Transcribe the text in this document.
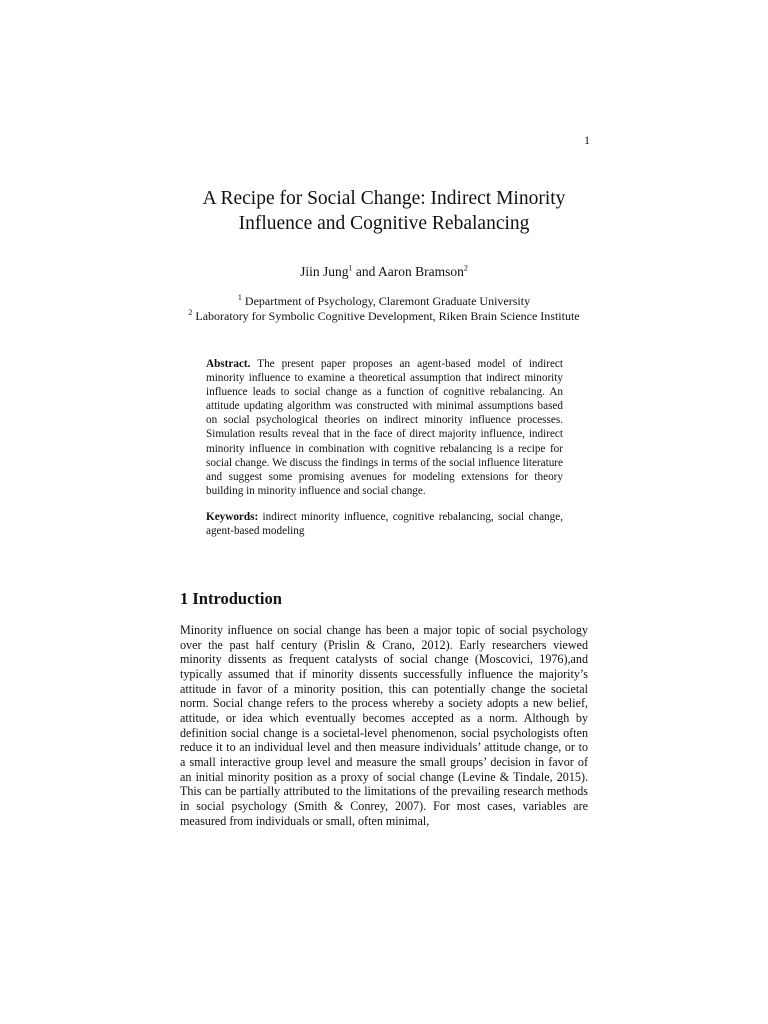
1
A Recipe for Social Change: Indirect Minority
Influence and Cognitive Rebalancing
Jiin Jung$^1$ and Aaron Bramson$^2$
$^1$ Department of Psychology, Claremont Graduate University
$^2$ Laboratory for Symbolic Cognitive Development, Riken Brain Science Institute

Abstract. The present paper proposes an agent-based model of indirect minority influence to examine a theoretical assumption that indirect minority influence leads to social change as a function of cognitive rebalancing. An attitude updating algorithm was constructed with minimal assumptions based on social psychological theories on indirect minority influence processes. Simulation results reveal that in the face of direct majority influence, indirect minority influence in combination with cognitive rebalancing is a recipe for social change. We discuss the findings in terms of the social influence literature and suggest some promising avenues for modeling extensions for theory building in minority influence and social change.

Keywords: indirect minority influence, cognitive rebalancing, social change, agent-based modeling

1 Introduction

Minority influence on social change has been a major topic of social psychology over the past half century (Prislin & Crano, 2012). Early researchers viewed minority dissents as frequent catalysts of social change (Moscovici, 1976),and typically assumed that if minority dissents successfully influence the majority’s attitude in favor of a minority position, this can potentially change the societal norm. Social change refers to the process whereby a society adopts a new belief, attitude, or idea which eventually becomes accepted as a norm. Although by definition social change is a societal-level phenomenon, social psychologists often reduce it to an individual level and then measure individuals’ attitude change, or to a small interactive group level and measure the small groups’ decision in favor of an initial minority position as a proxy of social change (Levine & Tindale, 2015). This can be partially attributed to the limitations of the prevailing research methods in social psychology (Smith & Conrey, 2007). For most cases, variables are measured from individuals or small, often minimal,
